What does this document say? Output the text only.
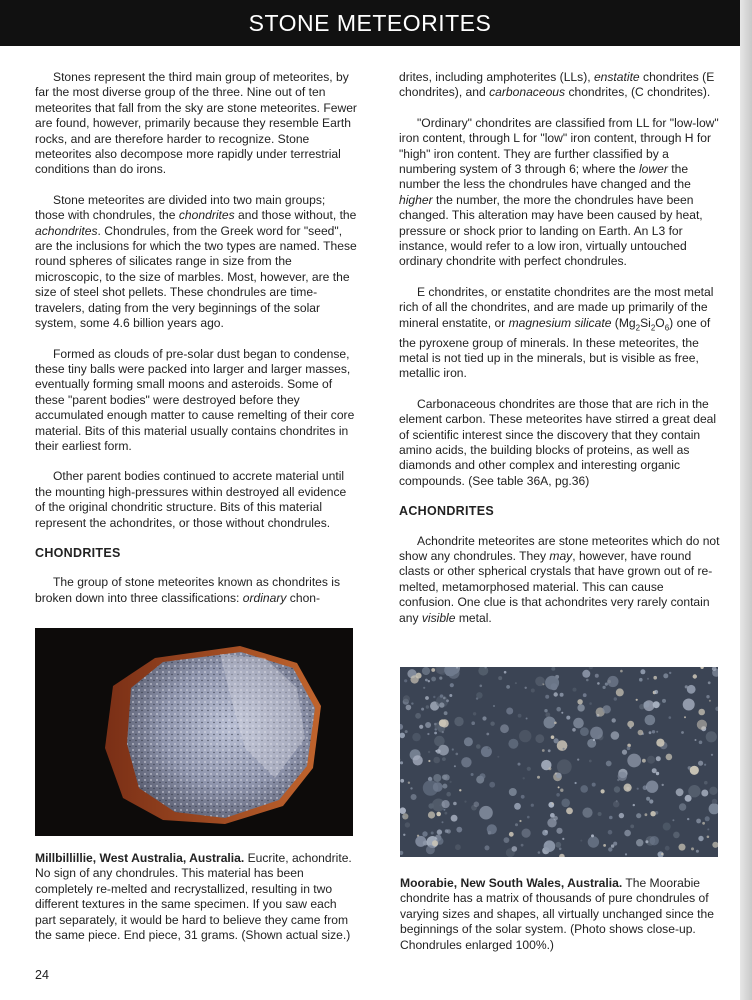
STONE METEORITES

Stones represent the third main group of meteorites, by far the most diverse group of the three. Nine out of ten meteorites that fall from the sky are stone meteorites. Fewer are found, however, primarily because they resemble Earth rocks, and are therefore harder to recognize. Stone meteorites also decompose more rapidly under terrestrial conditions than do irons.

Stone meteorites are divided into two main groups; those with chondrules, the chondrites and those without, the achondrites. Chondrules, from the Greek word for "seed", are the inclusions for which the two types are named. These round spheres of silicates range in size from the microscopic, to the size of marbles. Most, however, are the size of steel shot pellets. These chondrules are time-travelers, dating from the very beginnings of the solar system, some 4.6 billion years ago.

Formed as clouds of pre-solar dust began to condense, these tiny balls were packed into larger and larger masses, eventually forming small moons and asteroids. Some of these "parent bodies" were destroyed before they accumulated enough matter to cause remelting of their core material. Bits of this material usually contains chondrites in their earliest form.

Other parent bodies continued to accrete material until the mounting high-pressures within destroyed all evidence of the original chondritic structure. Bits of this material represent the achondrites, or those without chondrules.

CHONDRITES

The group of stone meteorites known as chondrites is broken down into three classifications: ordinary chon-

drites, including amphoterites (LLs), enstatite chondrites (E chondrites), and carbonaceous chondrites, (C chondrites).

"Ordinary" chondrites are classified from LL for "low-low" iron content, through L for "low" iron content, through H for "high" iron content. They are further classified by a numbering system of 3 through 6; where the lower the number the less the chondrules have changed and the higher the number, the more the chondrules have been changed. This alteration may have been caused by heat, pressure or shock prior to landing on Earth. An L3 for instance, would refer to a low iron, virtually untouched ordinary chondrite with perfect chondrules.

E chondrites, or enstatite chondrites are the most metal rich of all the chondrites, and are made up primarily of the mineral enstatite, or magnesium silicate $(Mg_2Si_2O_6)$ one of the pyroxene group of minerals. In these meteorites, the metal is not tied up in the minerals, but is visible as free, metallic iron.

Carbonaceous chondrites are those that are rich in the element carbon. These meteorites have stirred a great deal of scientific interest since the discovery that they contain amino acids, the building blocks of proteins, as well as diamonds and other complex and interesting organic compounds. (See table 36A, pg.36)

ACHONDRITES

Achondrite meteorites are stone meteorites which do not show any chondrules. They may, however, have round clasts or other spherical crystals that have grown out of re-melted, metamorphosed material. This can cause confusion. One clue is that achondrites very rarely contain any visible metal.

Millbillillie, West Australia, Australia. Eucrite, achondrite. No sign of any chondrules. This material has been completely re-melted and recrystallized, resulting in two different textures in the same specimen. If you saw each part separately, it would be hard to believe they came from the same piece. End piece, 31 grams. (Shown actual size.)
Moorabie, New South Wales, Australia. The Moorabie chondrite has a matrix of thousands of pure chondrules of varying sizes and shapes, all virtually unchanged since the beginnings of the solar system. (Photo shows close-up. Chondrules enlarged 100%.)
24
